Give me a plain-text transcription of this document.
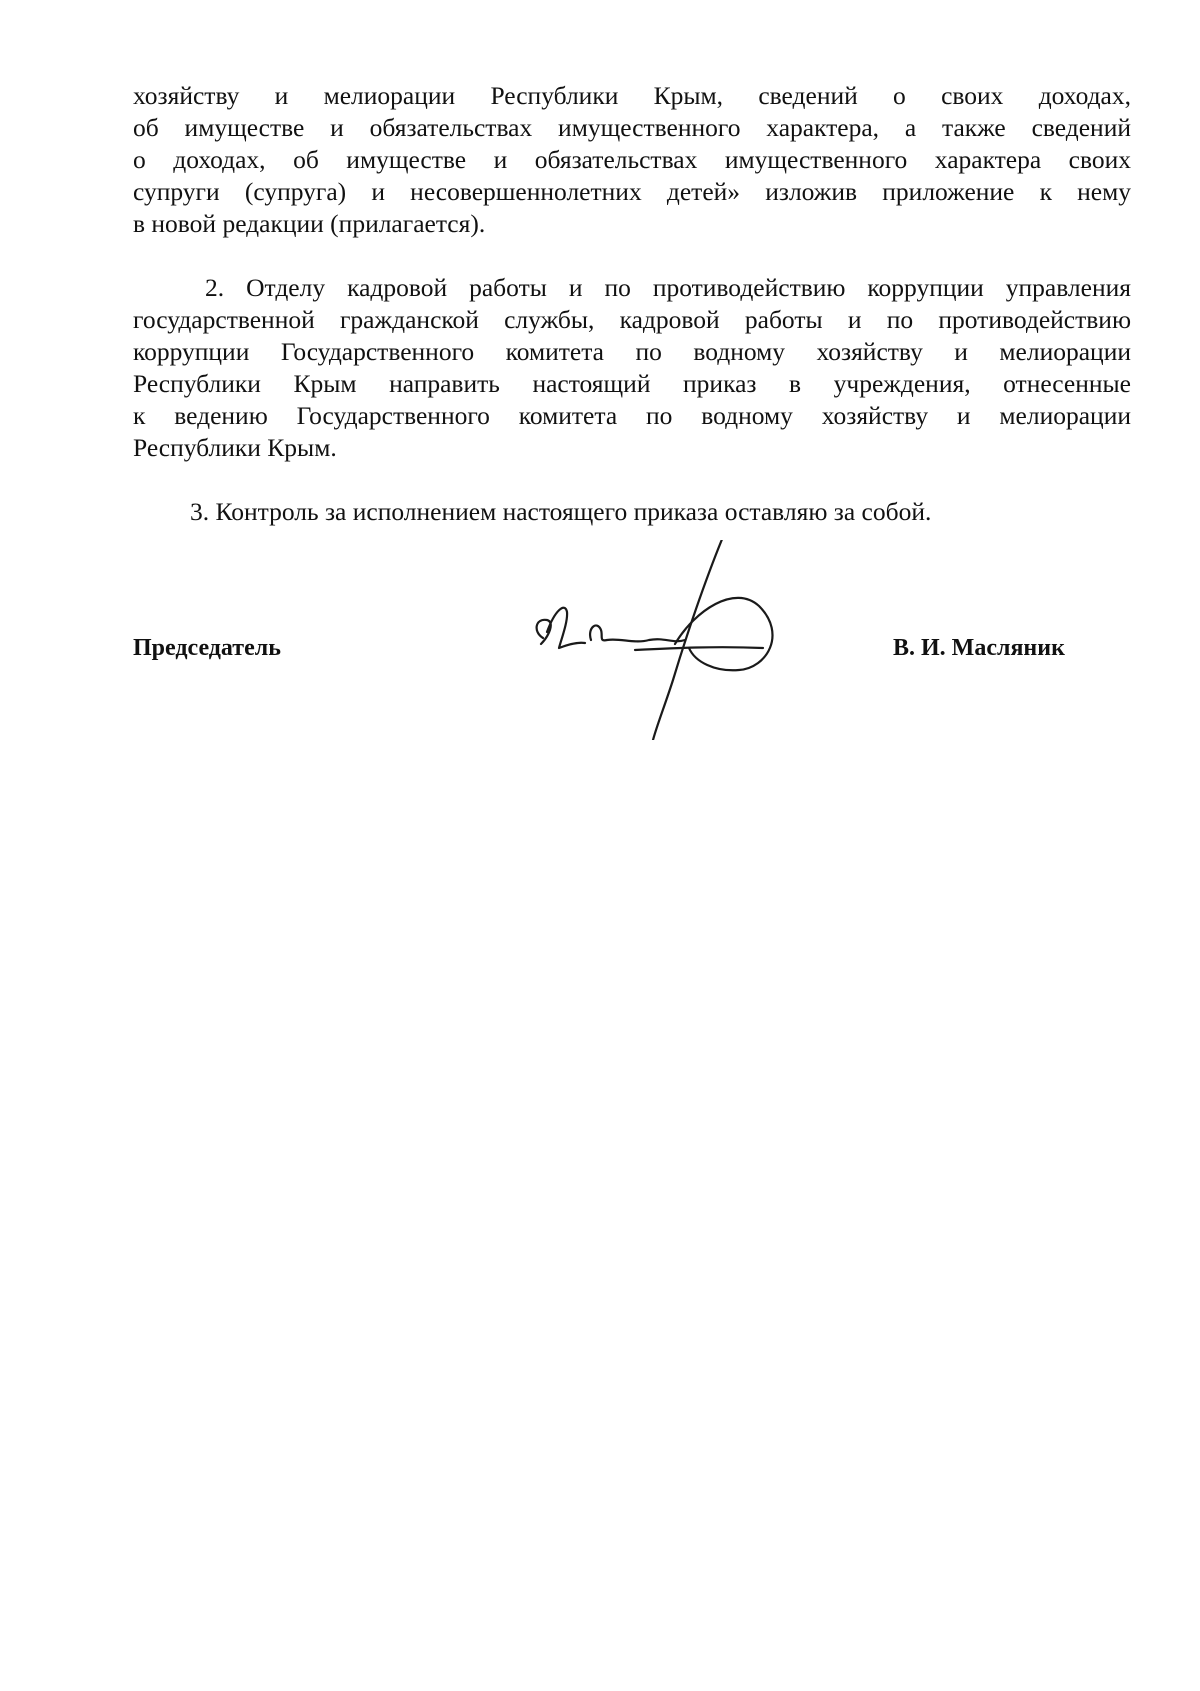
хозяйству и мелиорации Республики Крым, сведений о своих доходах,
об имуществе и обязательствах имущественного характера, а также сведений
о доходах, об имуществе и обязательствах имущественного характера своих
супруги (супруга) и несовершеннолетних детей» изложив приложение к нему
в новой редакции (прилагается).
2. Отделу кадровой работы и по противодействию коррупции управления
государственной гражданской службы, кадровой работы и по противодействию
коррупции Государственного комитета по водному хозяйству и мелиорации
Республики Крым направить настоящий приказ в учреждения, отнесенные
к ведению Государственного комитета по водному хозяйству и мелиорации
Республики Крым.
3. Контроль за исполнением настоящего приказа оставляю за собой.
Председатель	В. И. Масляник
